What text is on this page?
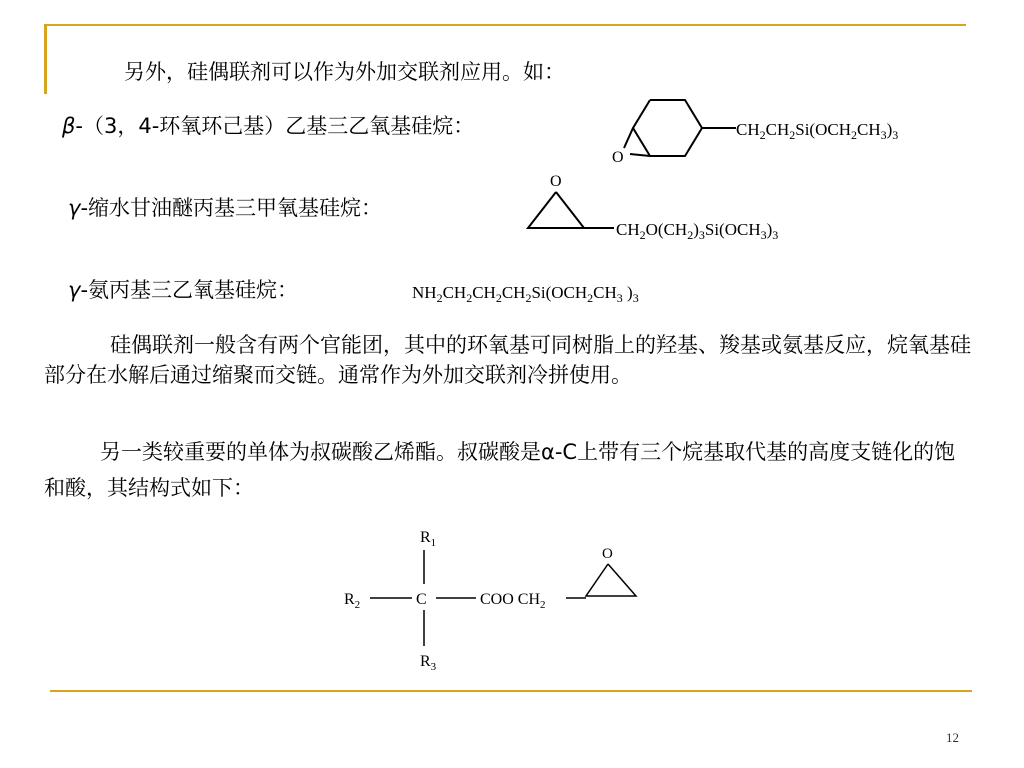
另外，硅偶联剂可以作为外加交联剂应用。如：
β-（3，4-环氧环己基）乙基三乙氧基硅烷：
O
$CH_2CH_2Si(OCH_2CH_3)_3$
γ-缩水甘油醚丙基三甲氧基硅烷：
O
$CH_2O(CH_2)_3Si(OCH_3)_3$
γ-氨丙基三乙氧基硅烷：	$NH_2CH_2CH_2CH_2Si(OCH_2CH_3$ )$_3$
硅偶联剂一般含有两个官能团，其中的环氧基可同树脂上的羟基、羧基或氨基反应，烷氧基硅部分在水解后通过缩聚而交链。通常作为外加交联剂冷拼使用。
另一类较重要的单体为叔碳酸乙烯酯。叔碳酸是α-C上带有三个烷基取代基的高度支链化的饱和酸，其结构式如下：
$R_1$
$R_2$	C	COO $CH_2$
O
$R_3$
12
